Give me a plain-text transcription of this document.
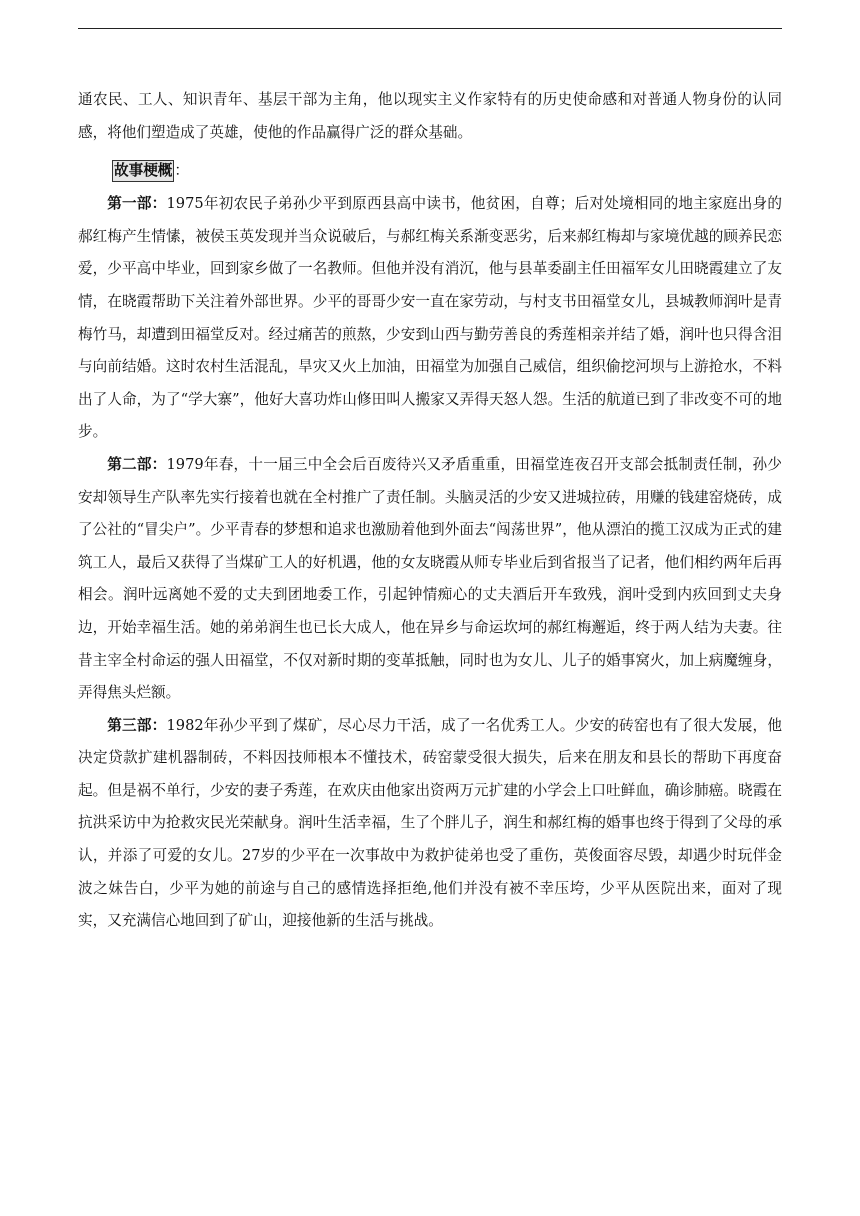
通农民、工人、知识青年、基层干部为主角，他以现实主义作家特有的历史使命感和对普通人物身份的认同感，将他们塑造成了英雄，使他的作品赢得广泛的群众基础。

故事梗概 ：

第一部：1975年初农民子弟孙少平到原西县高中读书，他贫困，自尊；后对处境相同的地主家庭出身的郝红梅产生情愫，被侯玉英发现并当众说破后，与郝红梅关系渐变恶劣，后来郝红梅却与家境优越的顾养民恋爱，少平高中毕业，回到家乡做了一名教师。但他并没有消沉，他与县革委副主任田福军女儿田晓霞建立了友情，在晓霞帮助下关注着外部世界。少平的哥哥少安一直在家劳动，与村支书田福堂女儿，县城教师润叶是青梅竹马，却遭到田福堂反对。经过痛苦的煎熬，少安到山西与勤劳善良的秀莲相亲并结了婚，润叶也只得含泪与向前结婚。这时农村生活混乱，旱灾又火上加油，田福堂为加强自己威信，组织偷挖河坝与上游抢水，不料出了人命，为了“学大寨”，他好大喜功炸山修田叫人搬家又弄得天怒人怨。生活的航道已到了非改变不可的地步。

第二部：1979年春，十一届三中全会后百废待兴又矛盾重重，田福堂连夜召开支部会抵制责任制，孙少安却领导生产队率先实行接着也就在全村推广了责任制。头脑灵活的少安又进城拉砖，用赚的钱建窑烧砖，成了公社的“冒尖户”。少平青春的梦想和追求也激励着他到外面去“闯荡世界”，他从漂泊的揽工汉成为正式的建筑工人，最后又获得了当煤矿工人的好机遇，他的女友晓霞从师专毕业后到省报当了记者，他们相约两年后再相会。润叶远离她不爱的丈夫到团地委工作，引起钟情痴心的丈夫酒后开车致残，润叶受到内疚回到丈夫身边，开始幸福生活。她的弟弟润生也已长大成人，他在异乡与命运坎坷的郝红梅邂逅，终于两人结为夫妻。往昔主宰全村命运的强人田福堂，不仅对新时期的变革抵触，同时也为女儿、儿子的婚事窝火，加上病魔缠身，弄得焦头烂额。

第三部：1982年孙少平到了煤矿，尽心尽力干活，成了一名优秀工人。少安的砖窑也有了很大发展，他决定贷款扩建机器制砖，不料因技师根本不懂技术，砖窑蒙受很大损失，后来在朋友和县长的帮助下再度奋起。但是祸不单行，少安的妻子秀莲，在欢庆由他家出资两万元扩建的小学会上口吐鲜血，确诊肺癌。晓霞在抗洪采访中为抢救灾民光荣献身。润叶生活幸福，生了个胖儿子，润生和郝红梅的婚事也终于得到了父母的承认，并添了可爱的女儿。27岁的少平在一次事故中为救护徒弟也受了重伤，英俊面容尽毁，却遇少时玩伴金波之妹告白，少平为她的前途与自己的感情选择拒绝,他们并没有被不幸压垮，少平从医院出来，面对了现实，又充满信心地回到了矿山，迎接他新的生活与挑战。
